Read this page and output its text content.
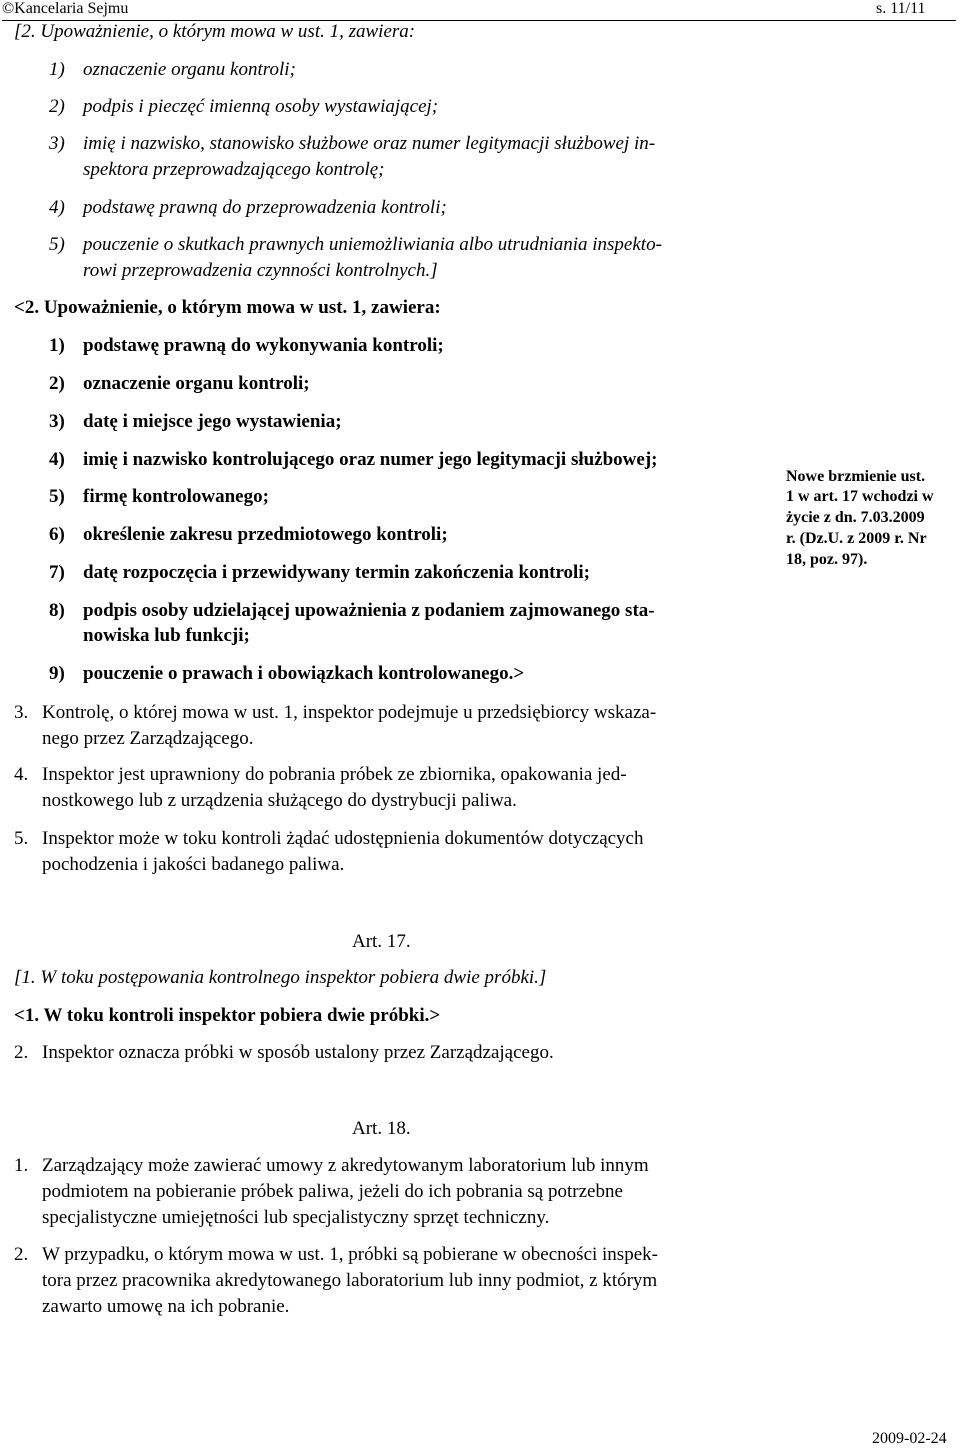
©Kancelaria Sejmu	s. 11/11
[2. Upoważnienie, o którym mowa w ust. 1, zawiera:
1) oznaczenie organu kontroli;
2) podpis i pieczęć imienną osoby wystawiającej;
3) imię i nazwisko, stanowisko służbowe oraz numer legitymacji służbowej in-
spektora przeprowadzającego kontrolę;
4) podstawę prawną do przeprowadzenia kontroli;
5) pouczenie o skutkach prawnych uniemożliwiania albo utrudniania inspekto-
rowi przeprowadzenia czynności kontrolnych.]
<2. Upoważnienie, o którym mowa w ust. 1, zawiera:
1) podstawę prawną do wykonywania kontroli;
2) oznaczenie organu kontroli;
3) datę i miejsce jego wystawienia;
4) imię i nazwisko kontrolującego oraz numer jego legitymacji służbowej;
5) firmę kontrolowanego;
6) określenie zakresu przedmiotowego kontroli;
7) datę rozpoczęcia i przewidywany termin zakończenia kontroli;
8) podpis osoby udzielającej upoważnienia z podaniem zajmowanego sta-
nowiska lub funkcji;
9) pouczenie o prawach i obowiązkach kontrolowanego.>
Nowe brzmienie ust.
1 w art. 17 wchodzi w
życie z dn. 7.03.2009
r. (Dz.U. z 2009 r. Nr
18, poz. 97).
3. Kontrolę, o której mowa w ust. 1, inspektor podejmuje u przedsiębiorcy wskaza-
nego przez Zarządzającego.
4. Inspektor jest uprawniony do pobrania próbek ze zbiornika, opakowania jed-
nostkowego lub z urządzenia służącego do dystrybucji paliwa.
5. Inspektor może w toku kontroli żądać udostępnienia dokumentów dotyczących
pochodzenia i jakości badanego paliwa.
Art. 17.
[1. W toku postępowania kontrolnego inspektor pobiera dwie próbki.]
<1. W toku kontroli inspektor pobiera dwie próbki.>
2. Inspektor oznacza próbki w sposób ustalony przez Zarządzającego.
Art. 18.
1. Zarządzający może zawierać umowy z akredytowanym laboratorium lub innym
podmiotem na pobieranie próbek paliwa, jeżeli do ich pobrania są potrzebne
specjalistyczne umiejętności lub specjalistyczny sprzęt techniczny.
2. W przypadku, o którym mowa w ust. 1, próbki są pobierane w obecności inspek-
tora przez pracownika akredytowanego laboratorium lub inny podmiot, z którym
zawarto umowę na ich pobranie.
2009-02-24
